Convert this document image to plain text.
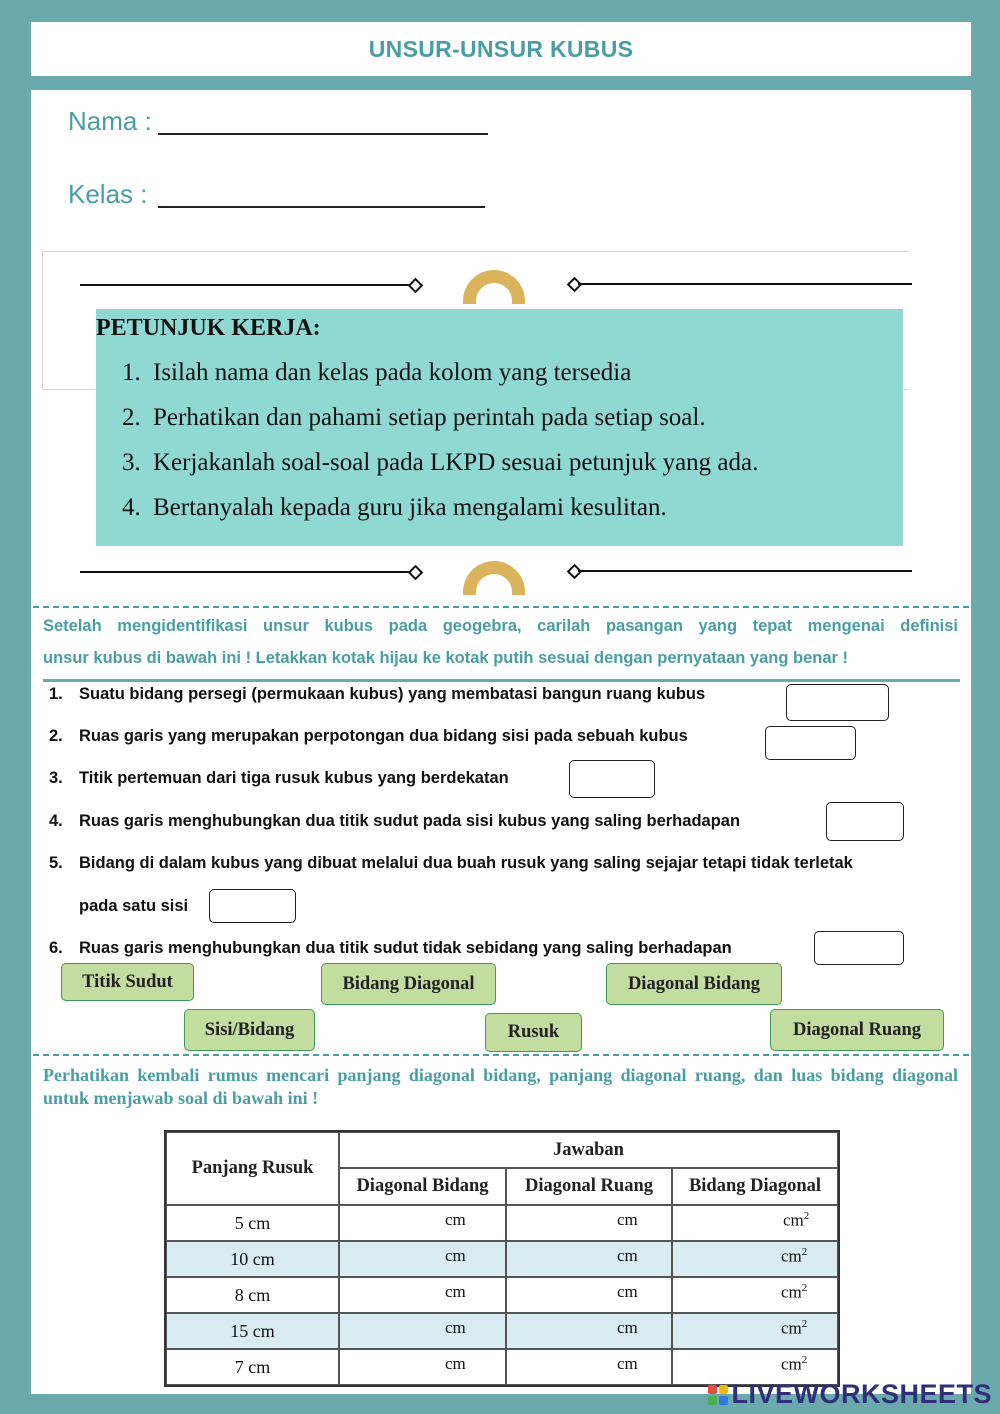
UNSUR-UNSUR KUBUS
Nama :
Kelas :
PETUNJUK KERJA:
1. Isilah nama dan kelas pada kolom yang tersedia
2. Perhatikan dan pahami setiap perintah pada setiap soal.
3. Kerjakanlah soal-soal pada LKPD sesuai petunjuk yang ada.
4. Bertanyalah kepada guru jika mengalami kesulitan.
Setelah mengidentifikasi unsur kubus pada geogebra, carilah pasangan yang tepat mengenai definisi
unsur kubus di bawah ini ! Letakkan kotak hijau ke kotak putih sesuai dengan pernyataan yang benar !
1. Suatu bidang persegi (permukaan kubus) yang membatasi bangun ruang kubus
2. Ruas garis yang merupakan perpotongan dua bidang sisi pada sebuah kubus
3. Titik pertemuan dari tiga rusuk kubus yang berdekatan
4. Ruas garis menghubungkan dua titik sudut pada sisi kubus yang saling berhadapan
5. Bidang di dalam kubus yang dibuat melalui dua buah rusuk yang saling sejajar tetapi tidak terletak
pada satu sisi
6. Ruas garis menghubungkan dua titik sudut tidak sebidang yang saling berhadapan
Titik Sudut	Bidang Diagonal	Diagonal Bidang
Sisi/Bidang	Rusuk	Diagonal Ruang
Perhatikan kembali rumus mencari panjang diagonal bidang, panjang diagonal ruang, dan luas bidang diagonal untuk menjawab soal di bawah ini !
Panjang Rusuk	Jawaban		
	Diagonal Bidang	Diagonal Ruang	Bidang Diagonal
5 cm	cm	cm	$cm^2$

10 cm	cm	cm	$cm^2$

8 cm	cm	cm	$cm^2$

15 cm	cm	cm	$cm^2$

7 cm	cm	cm	$cm^2$
LIVEWORKSHEETS
